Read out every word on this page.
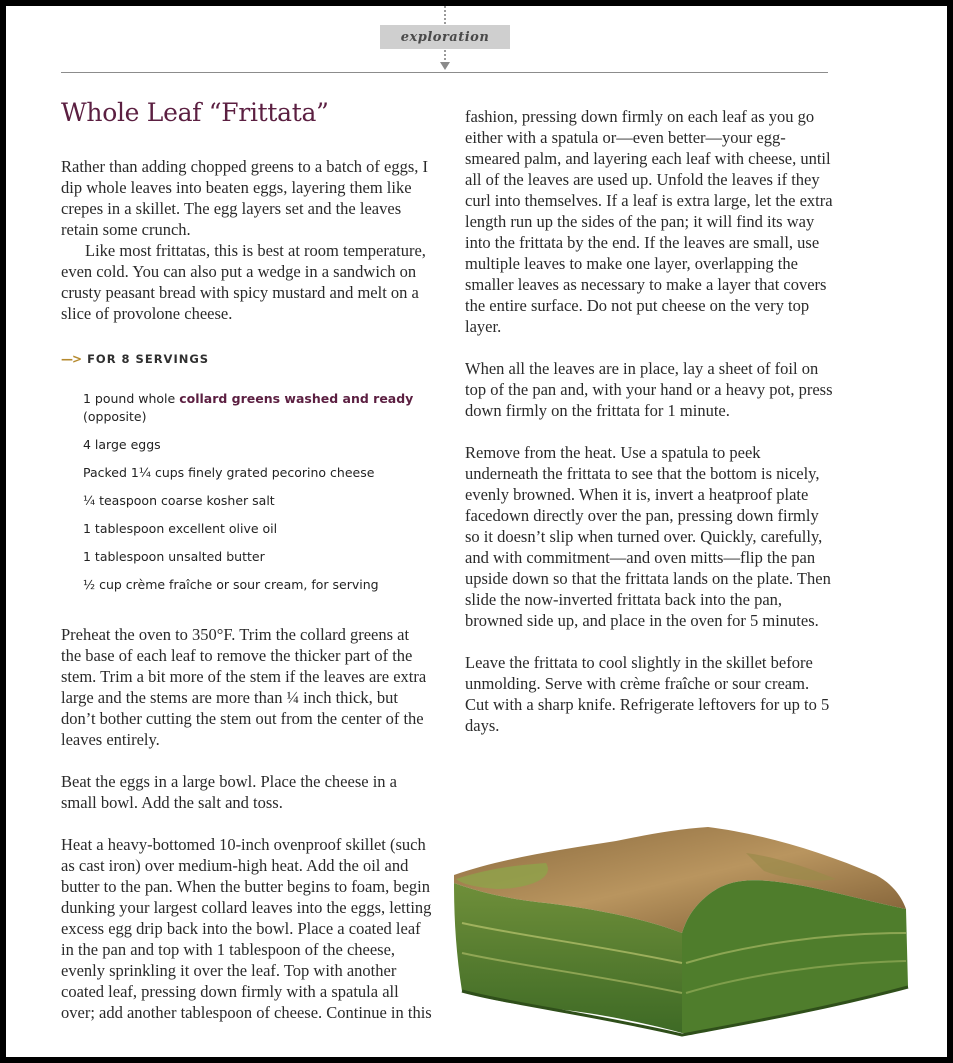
exploration
Whole Leaf “Frittata”

Rather than adding chopped greens to a batch of eggs, I dip whole leaves into beaten eggs, layering them like crepes in a skillet. The egg layers set and the leaves retain some crunch.

Like most frittatas, this is best at room temperature, even cold. You can also put a wedge in a sandwich on crusty peasant bread with spicy mustard and melt on a slice of provolone cheese.

—> FOR 8 SERVINGS
1 pound whole collard greens washed and ready (opposite)
4 large eggs
Packed 1¼ cups finely grated pecorino cheese
¼ teaspoon coarse kosher salt
1 tablespoon excellent olive oil
1 tablespoon unsalted butter
½ cup crème fraîche or sour cream, for serving

Preheat the oven to 350°F. Trim the collard greens at the base of each leaf to remove the thicker part of the stem. Trim a bit more of the stem if the leaves are extra large and the stems are more than ¼ inch thick, but don’t bother cutting the stem out from the center of the leaves entirely.

Beat the eggs in a large bowl. Place the cheese in a small bowl. Add the salt and toss.

Heat a heavy-bottomed 10-inch ovenproof skillet (such as cast iron) over medium-high heat. Add the oil and butter to the pan. When the butter begins to foam, begin dunking your largest collard leaves into the eggs, letting excess egg drip back into the bowl. Place a coated leaf in the pan and top with 1 tablespoon of the cheese, evenly sprinkling it over the leaf. Top with another coated leaf, pressing down firmly with a spatula all over; add another tablespoon of cheese. Continue in this

fashion, pressing down firmly on each leaf as you go either with a spatula or—even better—your egg-smeared palm, and layering each leaf with cheese, until all of the leaves are used up. Unfold the leaves if they curl into themselves. If a leaf is extra large, let the extra length run up the sides of the pan; it will find its way into the frittata by the end. If the leaves are small, use multiple leaves to make one layer, overlapping the smaller leaves as necessary to make a layer that covers the entire surface. Do not put cheese on the very top layer.

When all the leaves are in place, lay a sheet of foil on top of the pan and, with your hand or a heavy pot, press down firmly on the frittata for 1 minute.

Remove from the heat. Use a spatula to peek underneath the frittata to see that the bottom is nicely, evenly browned. When it is, invert a heatproof plate facedown directly over the pan, pressing down firmly so it doesn’t slip when turned over. Quickly, carefully, and with commitment—and oven mitts—flip the pan upside down so that the frittata lands on the plate. Then slide the now-inverted frittata back into the pan, browned side up, and place in the oven for 5 minutes.

Leave the frittata to cool slightly in the skillet before unmolding. Serve with crème fraîche or sour cream. Cut with a sharp knife. Refrigerate leftovers for up to 5 days.
